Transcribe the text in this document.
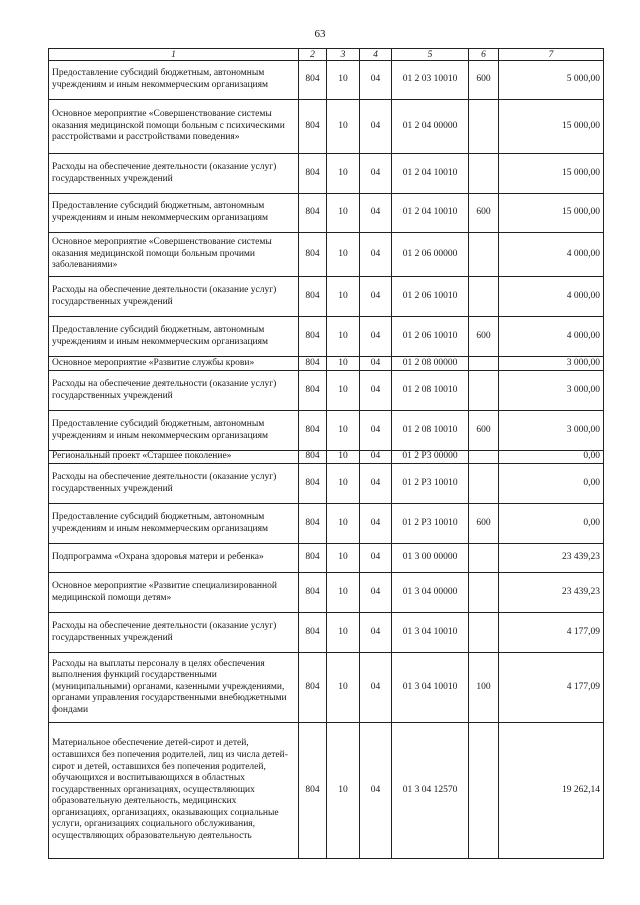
63
1	2	3	4	5	6	7
Предоставление субсидий бюджетным, автономным учреждениям и иным некоммерческим организациям	804	10	04	01 2 03 10010	600	5 000,00
Основное мероприятие «Совершенствование системы оказания медицинской помощи больным с психическими расстройствами и расстройствами поведения»	804	10	04	01 2 04 00000		15 000,00
Расходы на обеспечение деятельности (оказание услуг) государственных учреждений	804	10	04	01 2 04 10010		15 000,00
Предоставление субсидий бюджетным, автономным учреждениям и иным некоммерческим организациям	804	10	04	01 2 04 10010	600	15 000,00
Основное мероприятие «Совершенствование системы оказания медицинской помощи больным прочими заболеваниями»	804	10	04	01 2 06 00000		4 000,00
Расходы на обеспечение деятельности (оказание услуг) государственных учреждений	804	10	04	01 2 06 10010		4 000,00
Предоставление субсидий бюджетным, автономным учреждениям и иным некоммерческим организациям	804	10	04	01 2 06 10010	600	4 000,00
Основное мероприятие «Развитие службы крови»	804	10	04	01 2 08 00000		3 000,00
Расходы на обеспечение деятельности (оказание услуг) государственных учреждений	804	10	04	01 2 08 10010		3 000,00
Предоставление субсидий бюджетным, автономным учреждениям и иным некоммерческим организациям	804	10	04	01 2 08 10010	600	3 000,00
Региональный проект «Старшее поколение»	804	10	04	01 2 P3 00000		0,00
Расходы на обеспечение деятельности (оказание услуг) государственных учреждений	804	10	04	01 2 P3 10010		0,00
Предоставление субсидий бюджетным, автономным учреждениям и иным некоммерческим организациям	804	10	04	01 2 P3 10010	600	0,00
Подпрограмма «Охрана здоровья матери и ребенка»	804	10	04	01 3 00 00000		23 439,23
Основное мероприятие «Развитие специализированной медицинской помощи детям»	804	10	04	01 3 04 00000		23 439,23
Расходы на обеспечение деятельности (оказание услуг) государственных учреждений	804	10	04	01 3 04 10010		4 177,09
Расходы на выплаты персоналу в целях обеспечения выполнения функций государственными (муниципальными) органами, казенными учреждениями, органами управления государственными внебюджетными фондами	804	10	04	01 3 04 10010	100	4 177,09
Материальное обеспечение детей-сирот и детей, оставшихся без попечения родителей, лиц из числа детей-сирот и детей, оставшихся без попечения родителей, обучающихся и воспитывающихся в областных государственных организациях, осуществляющих образовательную деятельность, медицинских организациях, организациях, оказывающих социальные услуги, организациях социального обслуживания, осуществляющих образовательную деятельность	804	10	04	01 3 04 12570		19 262,14
